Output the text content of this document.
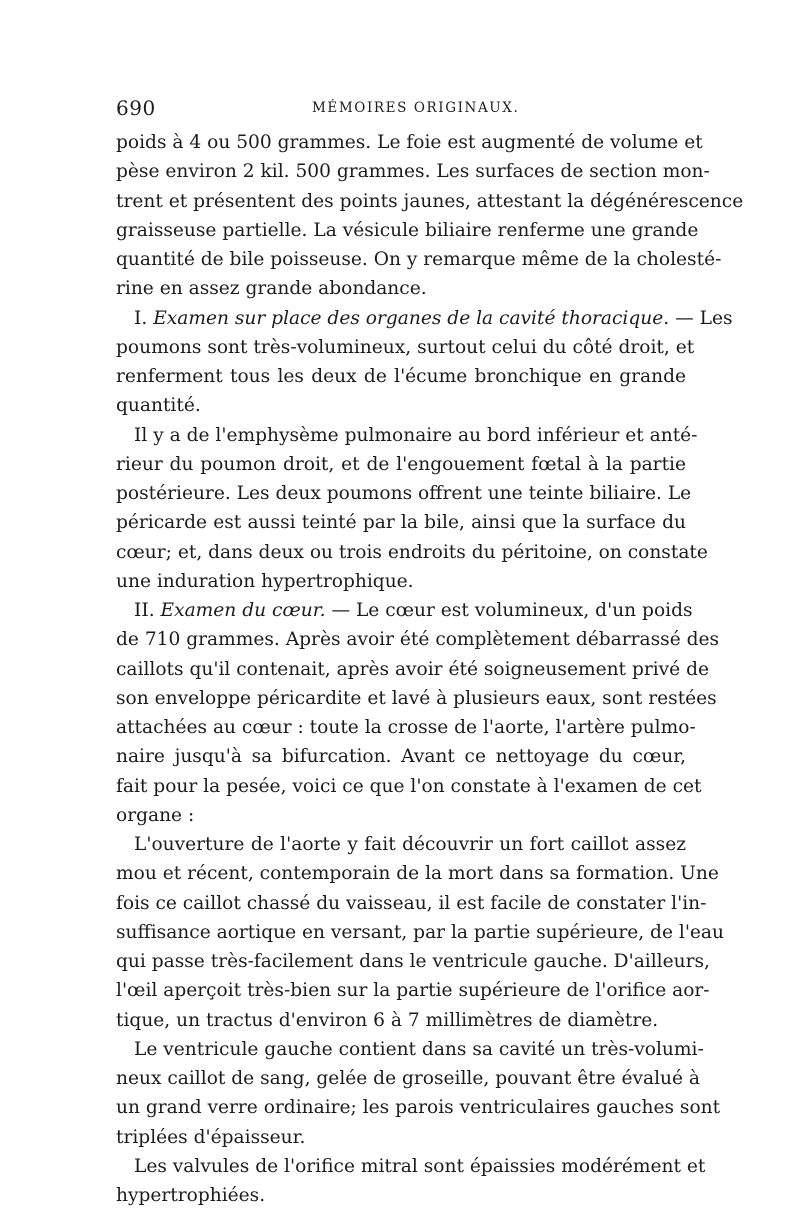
690	MÉMOIRES ORIGINAUX.
poids à 4 ou 500 grammes. Le foie est augmenté de volume et
pèse environ 2 kil. 500 grammes. Les surfaces de section mon-
trent et présentent des points jaunes, attestant la dégénérescence
graisseuse partielle. La vésicule biliaire renferme une grande
quantité de bile poisseuse. On y remarque même de la cholesté-
rine en assez grande abondance.
I. Examen sur place des organes de la cavité thoracique. — Les
poumons sont très-volumineux, surtout celui du côté droit, et
renferment tous les deux de l'écume bronchique en grande
quantité.
Il y a de l'emphysème pulmonaire au bord inférieur et anté-
rieur du poumon droit, et de l'engouement fœtal à la partie
postérieure. Les deux poumons offrent une teinte biliaire. Le
péricarde est aussi teinté par la bile, ainsi que la surface du
cœur; et, dans deux ou trois endroits du péritoine, on constate
une induration hypertrophique.
II. Examen du cœur. — Le cœur est volumineux, d'un poids
de 710 grammes. Après avoir été complètement débarrassé des
caillots qu'il contenait, après avoir été soigneusement privé de
son enveloppe péricardite et lavé à plusieurs eaux, sont restées
attachées au cœur : toute la crosse de l'aorte, l'artère pulmo-
naire jusqu'à sa bifurcation. Avant ce nettoyage du cœur,
fait pour la pesée, voici ce que l'on constate à l'examen de cet
organe :
L'ouverture de l'aorte y fait découvrir un fort caillot assez
mou et récent, contemporain de la mort dans sa formation. Une
fois ce caillot chassé du vaisseau, il est facile de constater l'in-
suffisance aortique en versant, par la partie supérieure, de l'eau
qui passe très-facilement dans le ventricule gauche. D'ailleurs,
l'œil aperçoit très-bien sur la partie supérieure de l'orifice aor-
tique, un tractus d'environ 6 à 7 millimètres de diamètre.
Le ventricule gauche contient dans sa cavité un très-volumi-
neux caillot de sang, gelée de groseille, pouvant être évalué à
un grand verre ordinaire; les parois ventriculaires gauches sont
triplées d'épaisseur.
Les valvules de l'orifice mitral sont épaissies modérément et
hypertrophiées.
